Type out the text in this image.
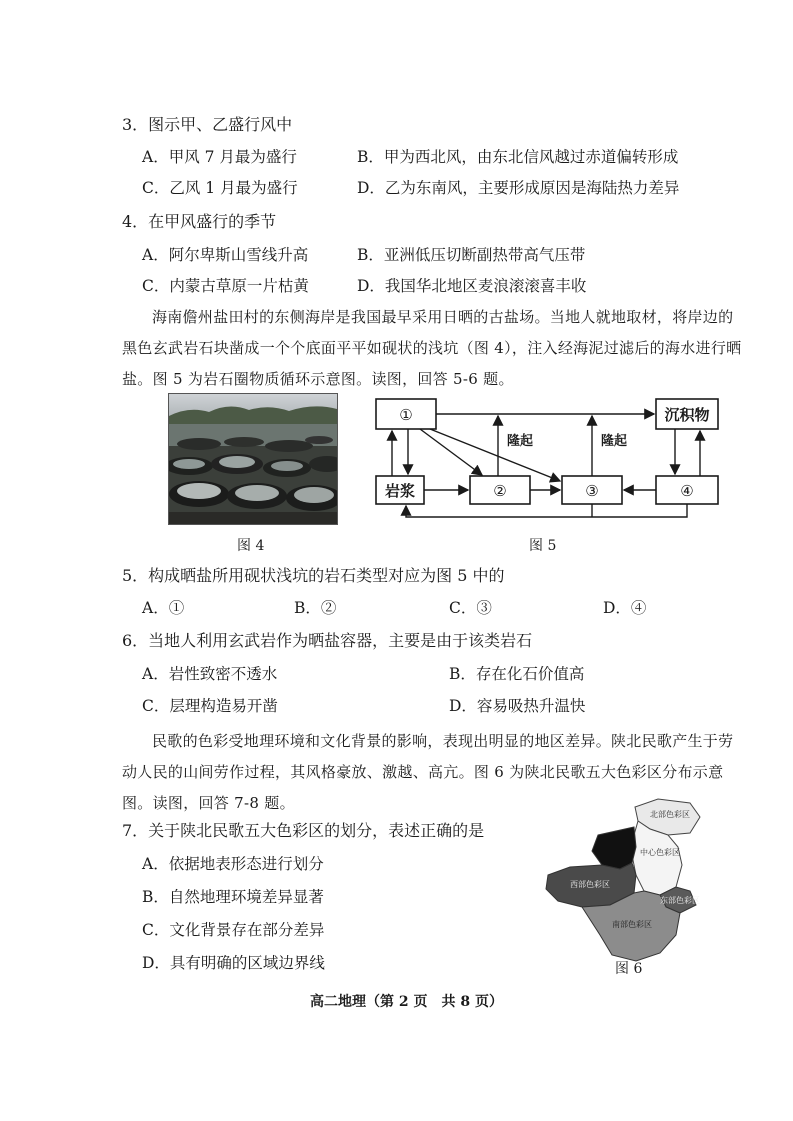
3．图示甲、乙盛行风中
A．甲风 7 月最为盛行	B．甲为西北风，由东北信风越过赤道偏转形成
C．乙风 1 月最为盛行	D．乙为东南风，主要形成原因是海陆热力差异
4．在甲风盛行的季节
A．阿尔卑斯山雪线升高	B．亚洲低压切断副热带高气压带
C．内蒙古草原一片枯黄	D．我国华北地区麦浪滚滚喜丰收

海南儋州盐田村的东侧海岸是我国最早采用日晒的古盐场。当地人就地取材，将岸边的黑色玄武岩石块凿成一个个底面平平如砚状的浅坑（图 4），注入经海泥过滤后的海水进行晒盐。图 5 为岩石圈物质循环示意图。读图，回答 5-6 题。

图 4
①	沉积物
岩浆	②	③	④
隆起	隆起
图 5
5．构成晒盐所用砚状浅坑的岩石类型对应为图 5 中的
A．①	B．②	C．③	D．④
6．当地人利用玄武岩作为晒盐容器，主要是由于该类岩石
A．岩性致密不透水	B．存在化石价值高
C．层理构造易开凿	D．容易吸热升温快

民歌的色彩受地理环境和文化背景的影响，表现出明显的地区差异。陕北民歌产生于劳动人民的山间劳作过程，其风格豪放、激越、高亢。图 6 为陕北民歌五大色彩区分布示意图。读图，回答 7-8 题。

7．关于陕北民歌五大色彩区的划分，表述正确的是
A．依据地表形态进行划分
B．自然地理环境差异显著
C．文化背景存在部分差异
D．具有明确的区域边界线
北部色彩区
中心色彩区
西部色彩区
东部色彩区
南部色彩区
图 6
高二地理（第 2 页　共 8 页）
